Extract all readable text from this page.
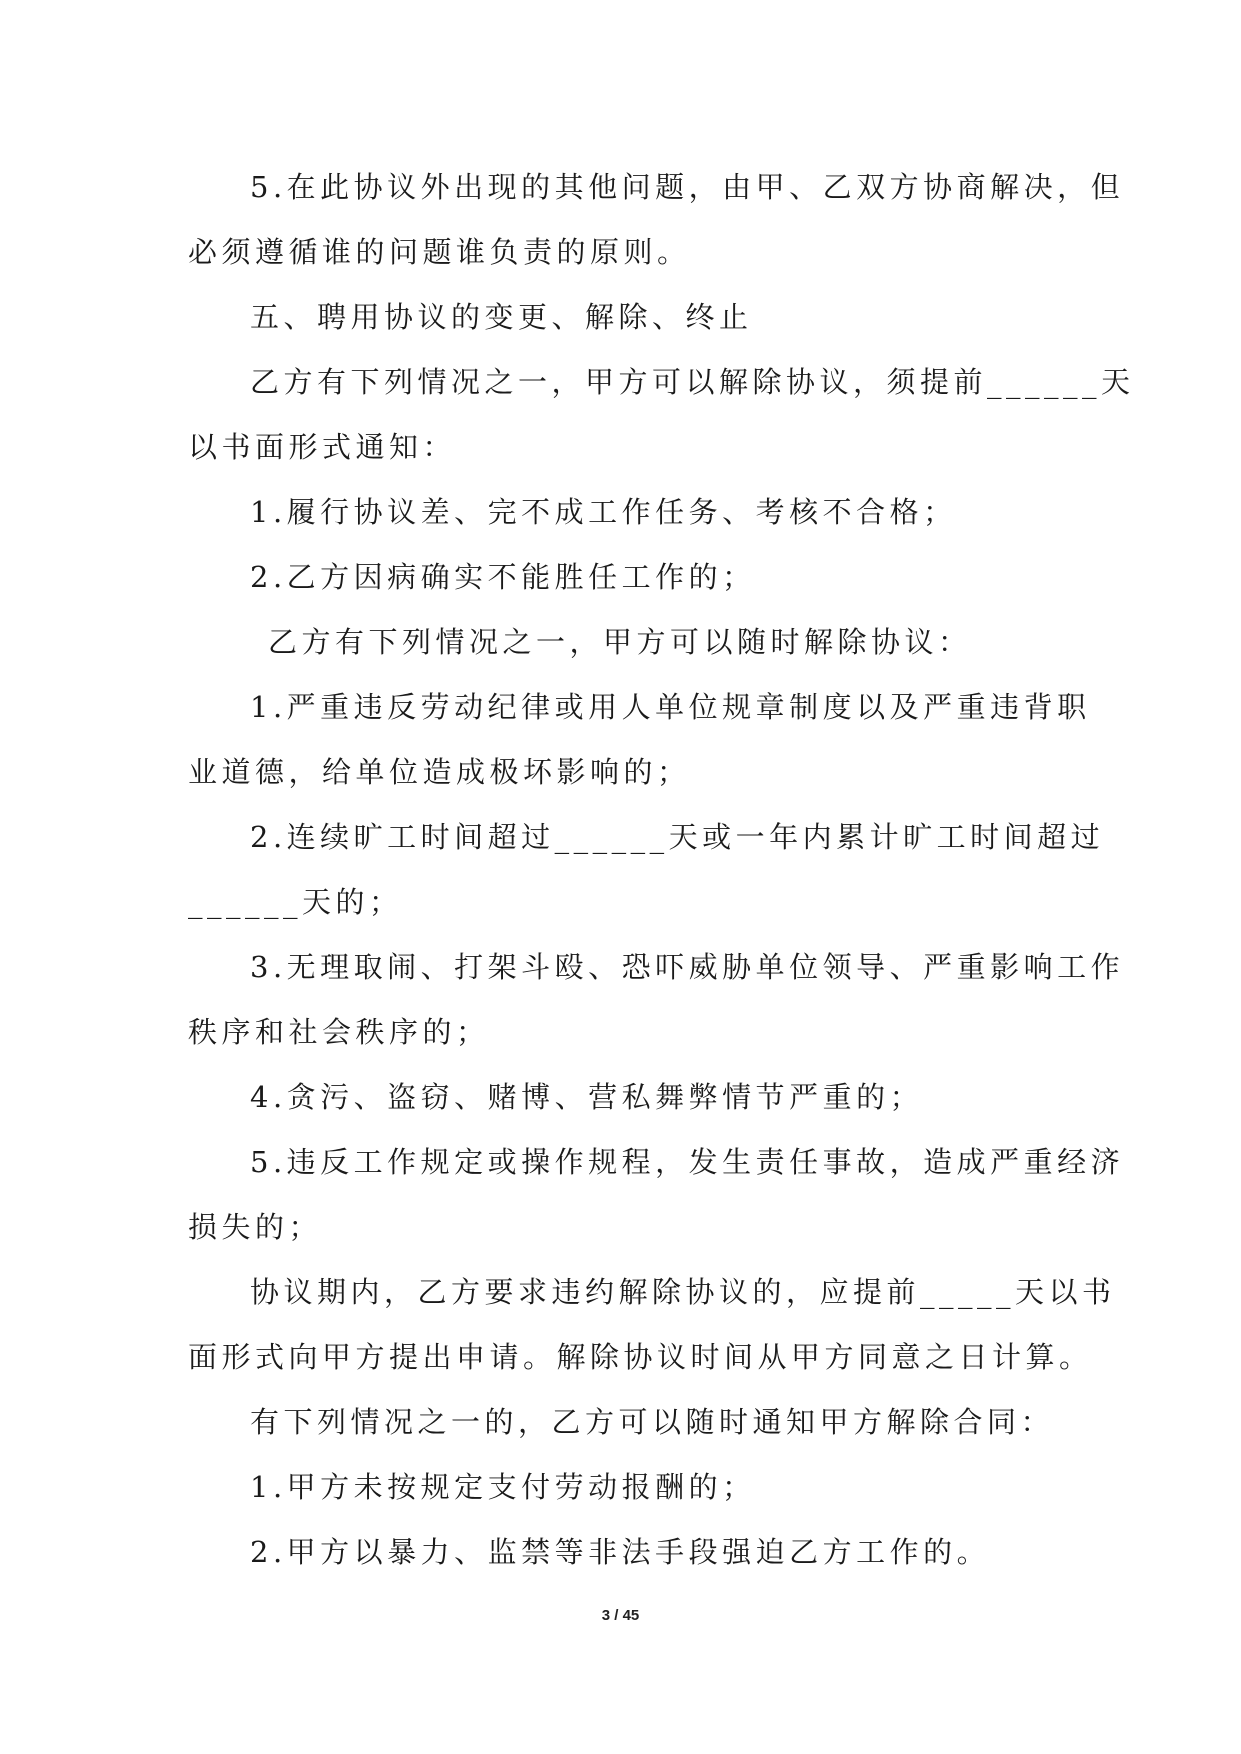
5.在此协议外出现的其他问题，由甲、乙双方协商解决，但
必须遵循谁的问题谁负责的原则。
五、聘用协议的变更、解除、终止
乙方有下列情况之一，甲方可以解除协议，须提前______天
以书面形式通知：
1.履行协议差、完不成工作任务、考核不合格；
2.乙方因病确实不能胜任工作的；
乙方有下列情况之一，甲方可以随时解除协议：
1.严重违反劳动纪律或用人单位规章制度以及严重违背职
业道德，给单位造成极坏影响的；
2.连续旷工时间超过______天或一年内累计旷工时间超过
______天的；
3.无理取闹、打架斗殴、恐吓威胁单位领导、严重影响工作
秩序和社会秩序的；
4.贪污、盗窃、赌博、营私舞弊情节严重的；
5.违反工作规定或操作规程，发生责任事故，造成严重经济
损失的；
协议期内，乙方要求违约解除协议的，应提前_____天以书
面形式向甲方提出申请。解除协议时间从甲方同意之日计算。
有下列情况之一的，乙方可以随时通知甲方解除合同：
1.甲方未按规定支付劳动报酬的；
2.甲方以暴力、监禁等非法手段强迫乙方工作的。
3 / 45
